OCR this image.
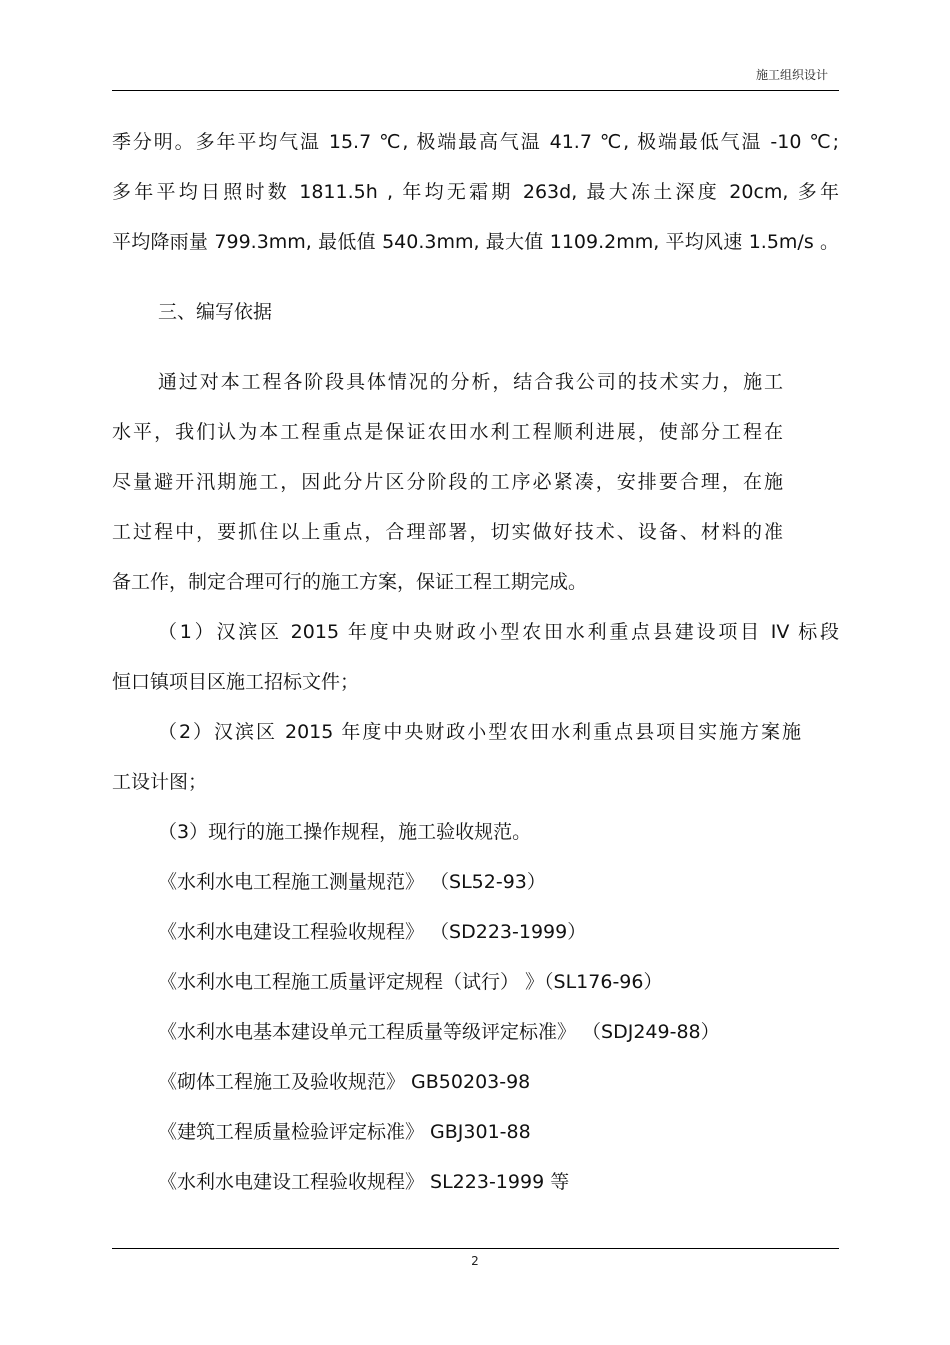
施工组织设计
季分明。多年平均气温 15.7 ℃, 极端最高气温 41.7 ℃, 极端最低气温 -10 ℃;
多年平均日照时数 1811.5h , 年均无霜期 263d, 最大冻土深度 20cm, 多年
平均降雨量 799.3mm, 最低值 540.3mm, 最大值 1109.2mm, 平均风速 1.5m/s 。
三、编写依据
通过对本工程各阶段具体情况的分析，结合我公司的技术实力，施工
水平，我们认为本工程重点是保证农田水利工程顺利进展，使部分工程在
尽量避开汛期施工，因此分片区分阶段的工序必紧凑，安排要合理，在施
工过程中，要抓住以上重点，合理部署，切实做好技术、设备、材料的准
备工作，制定合理可行的施工方案，保证工程工期完成。
（1）汉滨区 2015 年度中央财政小型农田水利重点县建设项目 IV 标段
恒口镇项目区施工招标文件；
（2）汉滨区 2015 年度中央财政小型农田水利重点县项目实施方案施
工设计图；
（3）现行的施工操作规程，施工验收规范。
《水利水电工程施工测量规范》 （SL52-93）
《水利水电建设工程验收规程》 （SD223-1999）
《水利水电工程施工质量评定规程（试行） 》（SL176-96）
《水利水电基本建设单元工程质量等级评定标准》 （SDJ249-88）
《砌体工程施工及验收规范》 GB50203-98
《建筑工程质量检验评定标准》 GBJ301-88
《水利水电建设工程验收规程》 SL223-1999 等
2
